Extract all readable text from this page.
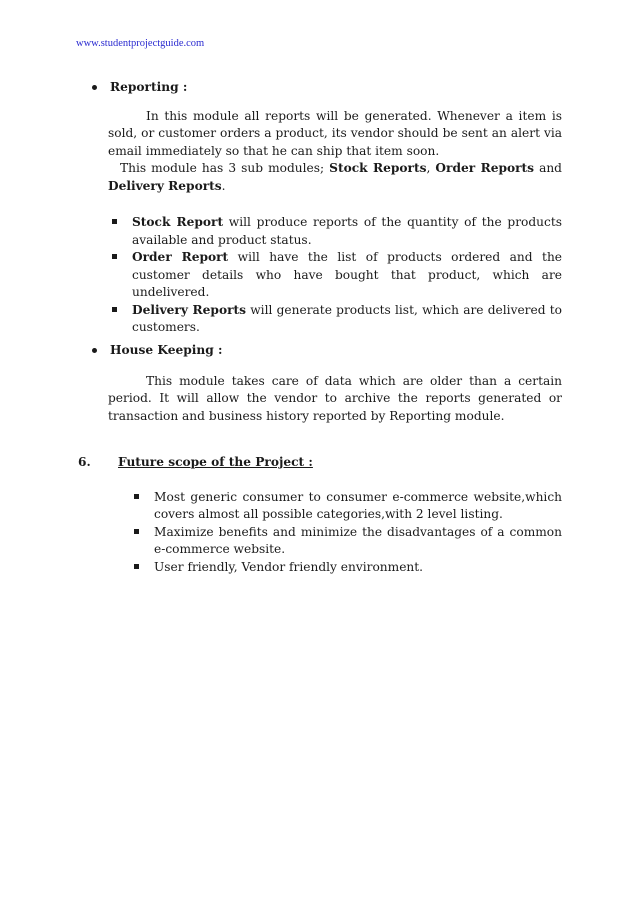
www.studentprojectguide.com
Reporting :
In this module all reports will be generated. Whenever a item is sold, or customer orders a product, its vendor should be sent an alert via email immediately so that he can ship that item soon.
This module has 3 sub modules; Stock Reports, Order Reports and Delivery Reports.
Stock Report will produce reports of the quantity of the products available and product status.
Order Report will have the list of products ordered and the customer details who have bought that product, which are undelivered.
Delivery Reports will generate products list, which are delivered to customers.
House Keeping :
This module takes care of data which are older than a certain period. It will allow the vendor to archive the reports generated or transaction and business history reported by Reporting module.
6.	Future scope of the Project :
Most generic consumer to consumer e-commerce website,which covers almost all possible categories,with 2 level listing.
Maximize benefits and minimize the disadvantages of a common e-commerce website.
User friendly, Vendor friendly environment.
